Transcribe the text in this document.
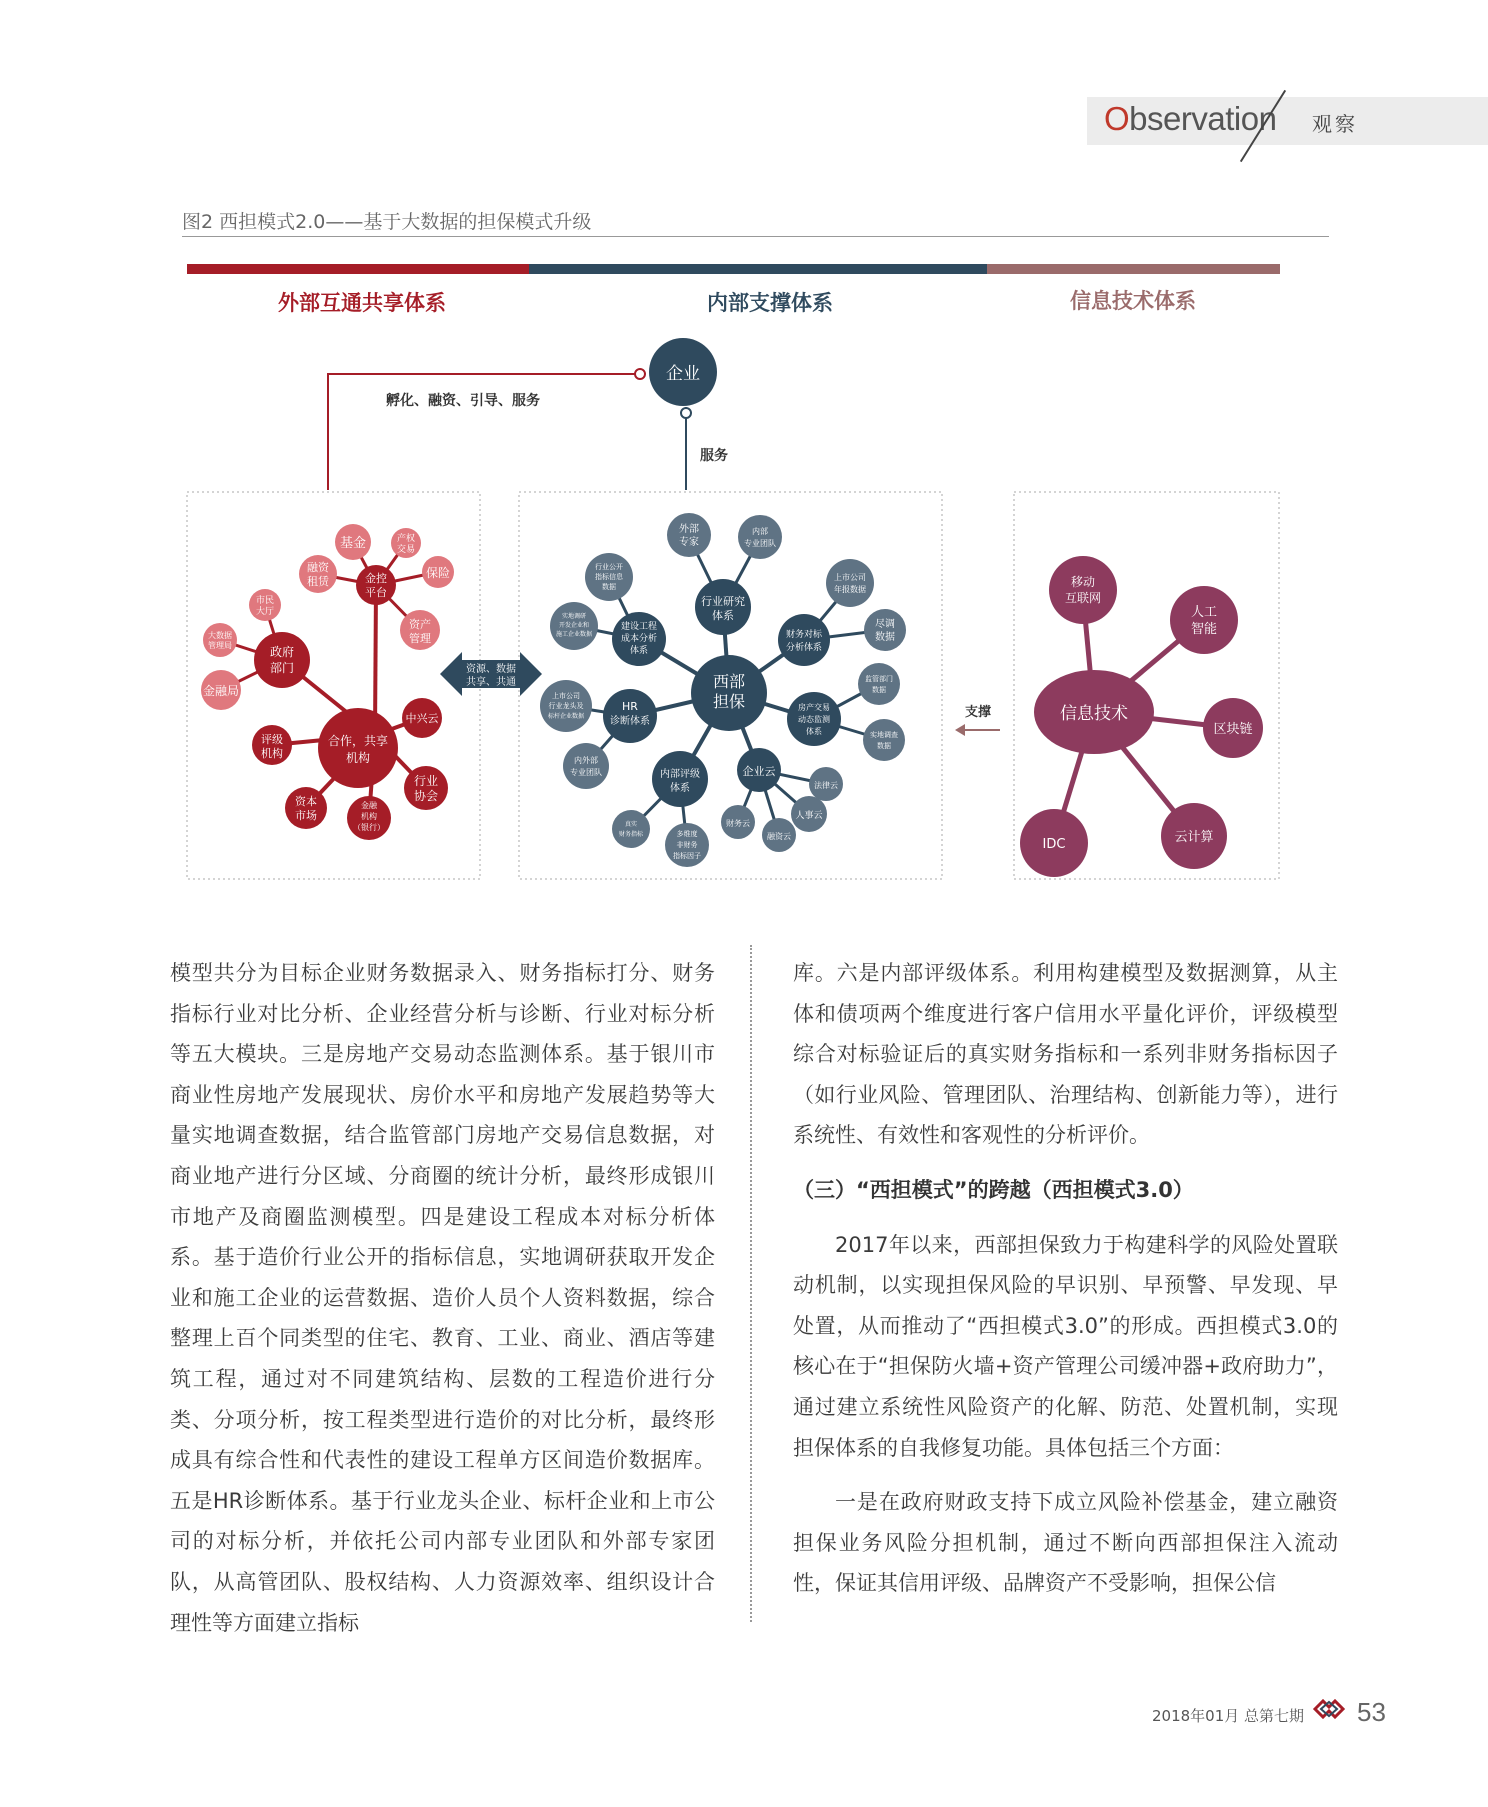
Observation 观察
图2 西担模式2.0——基于大数据的担保模式升级
外部互通共享体系	内部支撑体系	信息技术体系
企业
孵化、融资、引导、服务
服务
合作，共享
机构
金控
平台
政府
部门
基金	产权
交易
保险
资产
管理
融资
租赁
市民
大厅
大数据
管理局
金融局
中兴云
评级
机构
行业
协会
资本
市场
金融
机构
（银行）
资源、数据
共享、共通	西部
担保
行业研究
体系
外部
专家
内部
专业团队
建设工程
成本分析
体系
行业公开
指标信息
数据
实地调研
开发企业和
施工企业数据	财务对标
分析体系
上市公司
年报数据
尽调
数据
HR
诊断体系
上市公司
行业龙头及
标杆企业数据
内外部
专业团队
房产交易
动态监测
体系
监管部门
数据
实地调查
数据
内部评级
体系
真实
财务指标	多维度
非财务
指标因子
企业云
法律云
人事云
融资云
财务云
支撑	信息技术
移动
互联网
人工
智能
区块链
云计算
IDC

模型共分为目标企业财务数据录入、财务指标打分、财务指标行业对比分析、企业经营分析与诊断、行业对标分析等五大模块。三是房地产交易动态监测体系。基于银川市商业性房地产发展现状、房价水平和房地产发展趋势等大量实地调查数据，结合监管部门房地产交易信息数据，对商业地产进行分区域、分商圈的统计分析，最终形成银川市地产及商圈监测模型。四是建设工程成本对标分析体系。基于造价行业公开的指标信息，实地调研获取开发企业和施工企业的运营数据、造价人员个人资料数据，综合整理上百个同类型的住宅、教育、工业、商业、酒店等建筑工程，通过对不同建筑结构、层数的工程造价进行分类、分项分析，按工程类型进行造价的对比分析，最终形成具有综合性和代表性的建设工程单方区间造价数据库。五是HR诊断体系。基于行业龙头企业、标杆企业和上市公司的对标分析，并依托公司内部专业团队和外部专家团队，从高管团队、股权结构、人力资源效率、组织设计合理性等方面建立指标

库。六是内部评级体系。利用构建模型及数据测算，从主体和债项两个维度进行客户信用水平量化评价，评级模型综合对标验证后的真实财务指标和一系列非财务指标因子（如行业风险、管理团队、治理结构、创新能力等），进行系统性、有效性和客观性的分析评价。

（三）“西担模式”的跨越（西担模式3.0）

2017年以来，西部担保致力于构建科学的风险处置联动机制，以实现担保风险的早识别、早预警、早发现、早处置，从而推动了“西担模式3.0”的形成。西担模式3.0的核心在于“担保防火墙+资产管理公司缓冲器+政府助力”，通过建立系统性风险资产的化解、防范、处置机制，实现担保体系的自我修复功能。具体包括三个方面：

一是在政府财政支持下成立风险补偿基金，建立融资担保业务风险分担机制，通过不断向西部担保注入流动性，保证其信用评级、品牌资产不受影响，担保公信

2018年01月 总第七期 53
